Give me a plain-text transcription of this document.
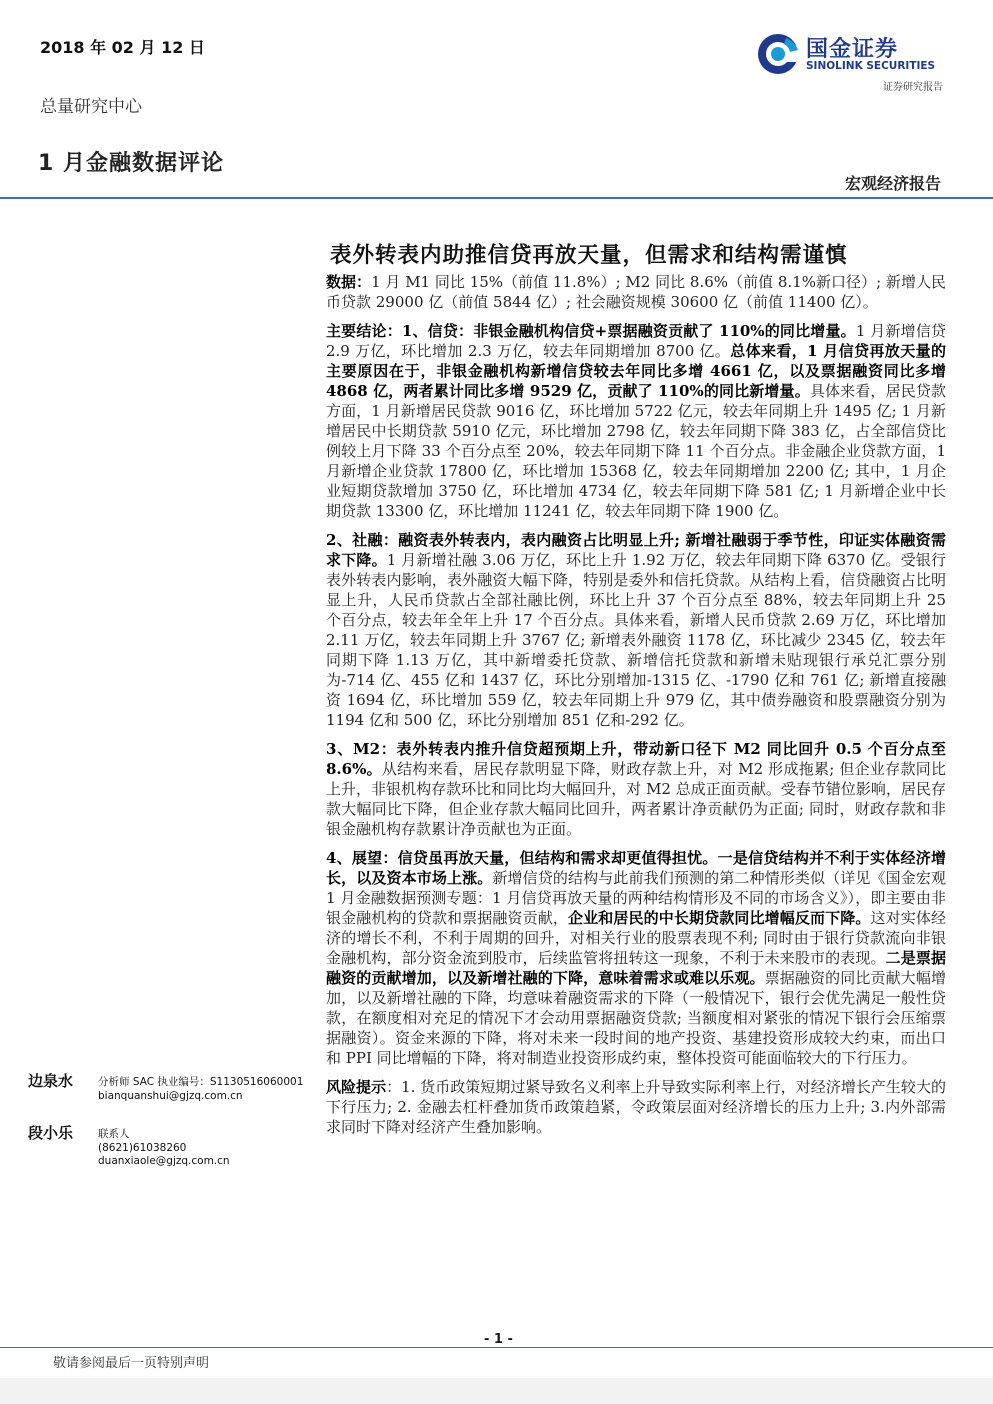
2018 年 02 月 12 日
总量研究中心
1 月金融数据评论
国金证券
SINOLINK SECURITIES
证券研究报告
宏观经济报告
表外转表内助推信贷再放天量，但需求和结构需谨慎

数据：1 月 M1 同比 15%（前值 11.8%）; M2 同比 8.6%（前值 8.1%新口径）; 新增人民币贷款 29000 亿（前值 5844 亿）; 社会融资规模 30600 亿（前值 11400 亿）。

主要结论：1、信贷：非银金融机构信贷+票据融资贡献了 110%的同比增量。1 月新增信贷 2.9 万亿，环比增加 2.3 万亿，较去年同期增加 8700 亿。总体来看，1 月信贷再放天量的主要原因在于，非银金融机构新增信贷较去年同比多增 4661 亿，以及票据融资同比多增 4868 亿，两者累计同比多增 9529 亿，贡献了 110%的同比新增量。具体来看，居民贷款方面，1 月新增居民贷款 9016 亿，环比增加 5722 亿元，较去年同期上升 1495 亿; 1 月新增居民中长期贷款 5910 亿元，环比增加 2798 亿，较去年同期下降 383 亿，占全部信贷比例较上月下降 33 个百分点至 20%，较去年同期下降 11 个百分点。非金融企业贷款方面，1 月新增企业贷款 17800 亿，环比增加 15368 亿，较去年同期增加 2200 亿; 其中，1 月企业短期贷款增加 3750 亿，环比增加 4734 亿，较去年同期下降 581 亿; 1 月新增企业中长期贷款 13300 亿，环比增加 11241 亿，较去年同期下降 1900 亿。

2、社融：融资表外转表内，表内融资占比明显上升; 新增社融弱于季节性，印证实体融资需求下降。1 月新增社融 3.06 万亿，环比上升 1.92 万亿，较去年同期下降 6370 亿。受银行表外转表内影响，表外融资大幅下降，特别是委外和信托贷款。从结构上看，信贷融资占比明显上升，人民币贷款占全部社融比例，环比上升 37 个百分点至 88%，较去年同期上升 25 个百分点，较去年全年上升 17 个百分点。具体来看，新增人民币贷款 2.69 万亿，环比增加 2.11 万亿，较去年同期上升 3767 亿; 新增表外融资 1178 亿，环比减少 2345 亿，较去年同期下降 1.13 万亿，其中新增委托贷款、新增信托贷款和新增未贴现银行承兑汇票分别为-714 亿、455 亿和 1437 亿，环比分别增加-1315 亿、-1790 亿和 761 亿; 新增直接融资 1694 亿，环比增加 559 亿，较去年同期上升 979 亿，其中债券融资和股票融资分别为 1194 亿和 500 亿，环比分别增加 851 亿和-292 亿。

3、M2：表外转表内推升信贷超预期上升，带动新口径下 M2 同比回升 0.5 个百分点至 8.6%。从结构来看，居民存款明显下降，财政存款上升，对 M2 形成拖累; 但企业存款同比上升，非银机构存款环比和同比均大幅回升，对 M2 总成正面贡献。受春节错位影响，居民存款大幅同比下降，但企业存款大幅同比回升，两者累计净贡献仍为正面; 同时，财政存款和非银金融机构存款累计净贡献也为正面。

4、展望：信贷虽再放天量，但结构和需求却更值得担忧。一是信贷结构并不利于实体经济增长，以及资本市场上涨。新增信贷的结构与此前我们预测的第二种情形类似（详见《国金宏观 1 月金融数据预测专题：1 月信贷再放天量的两种结构情形及不同的市场含义》），即主要由非银金融机构的贷款和票据融资贡献，企业和居民的中长期贷款同比增幅反而下降。这对实体经济的增长不利，不利于周期的回升，对相关行业的股票表现不利; 同时由于银行贷款流向非银金融机构，部分资金流到股市，后续监管将扭转这一现象，不利于未来股市的表现。二是票据融资的贡献增加，以及新增社融的下降，意味着需求或难以乐观。票据融资的同比贡献大幅增加，以及新增社融的下降，均意味着融资需求的下降（一般情况下，银行会优先满足一般性贷款，在额度相对充足的情况下才会动用票据融资贷款; 当额度相对紧张的情况下银行会压缩票据融资）。资金来源的下降，将对未来一段时间的地产投资、基建投资形成较大约束，而出口和 PPI 同比增幅的下降，将对制造业投资形成约束，整体投资可能面临较大的下行压力。

风险提示：1. 货币政策短期过紧导致名义利率上升导致实际利率上行，对经济增长产生较大的下行压力; 2. 金融去杠杆叠加货币政策趋紧，令政策层面对经济增长的压力上升; 3.内外部需求同时下降对经济产生叠加影响。

边泉水 分析师 SAC 执业编号：S1130516060001
bianquanshui@gjzq.com.cn
段小乐 联系人
(8621)61038260
duanxiaole@gjzq.com.cn
- 1 -
敬请参阅最后一页特别声明
